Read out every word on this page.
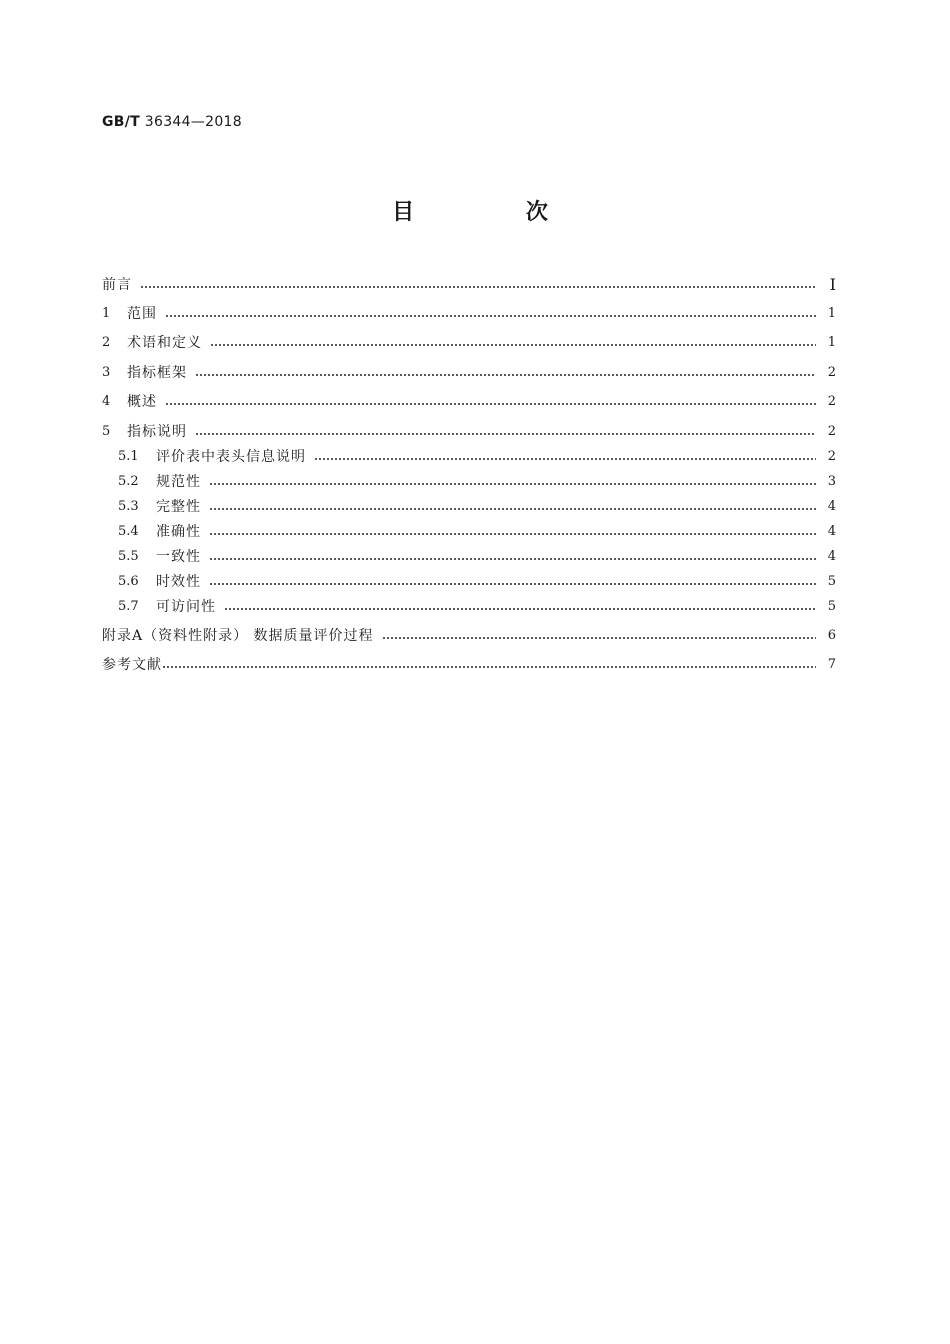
GB/T 36344—2018
目 次
前言	Ⅰ
1	范围	1
2	术语和定义	1
3	指标框架	2
4	概述	2
5	指标说明	2
5.1	评价表中表头信息说明	2
5.2	规范性	3
5.3	完整性	4
5.4	准确性	4
5.5	一致性	4
5.6	时效性	5
5.7	可访问性	5
附录A（资料性附录） 数据质量评价过程	6
参考文献	7
